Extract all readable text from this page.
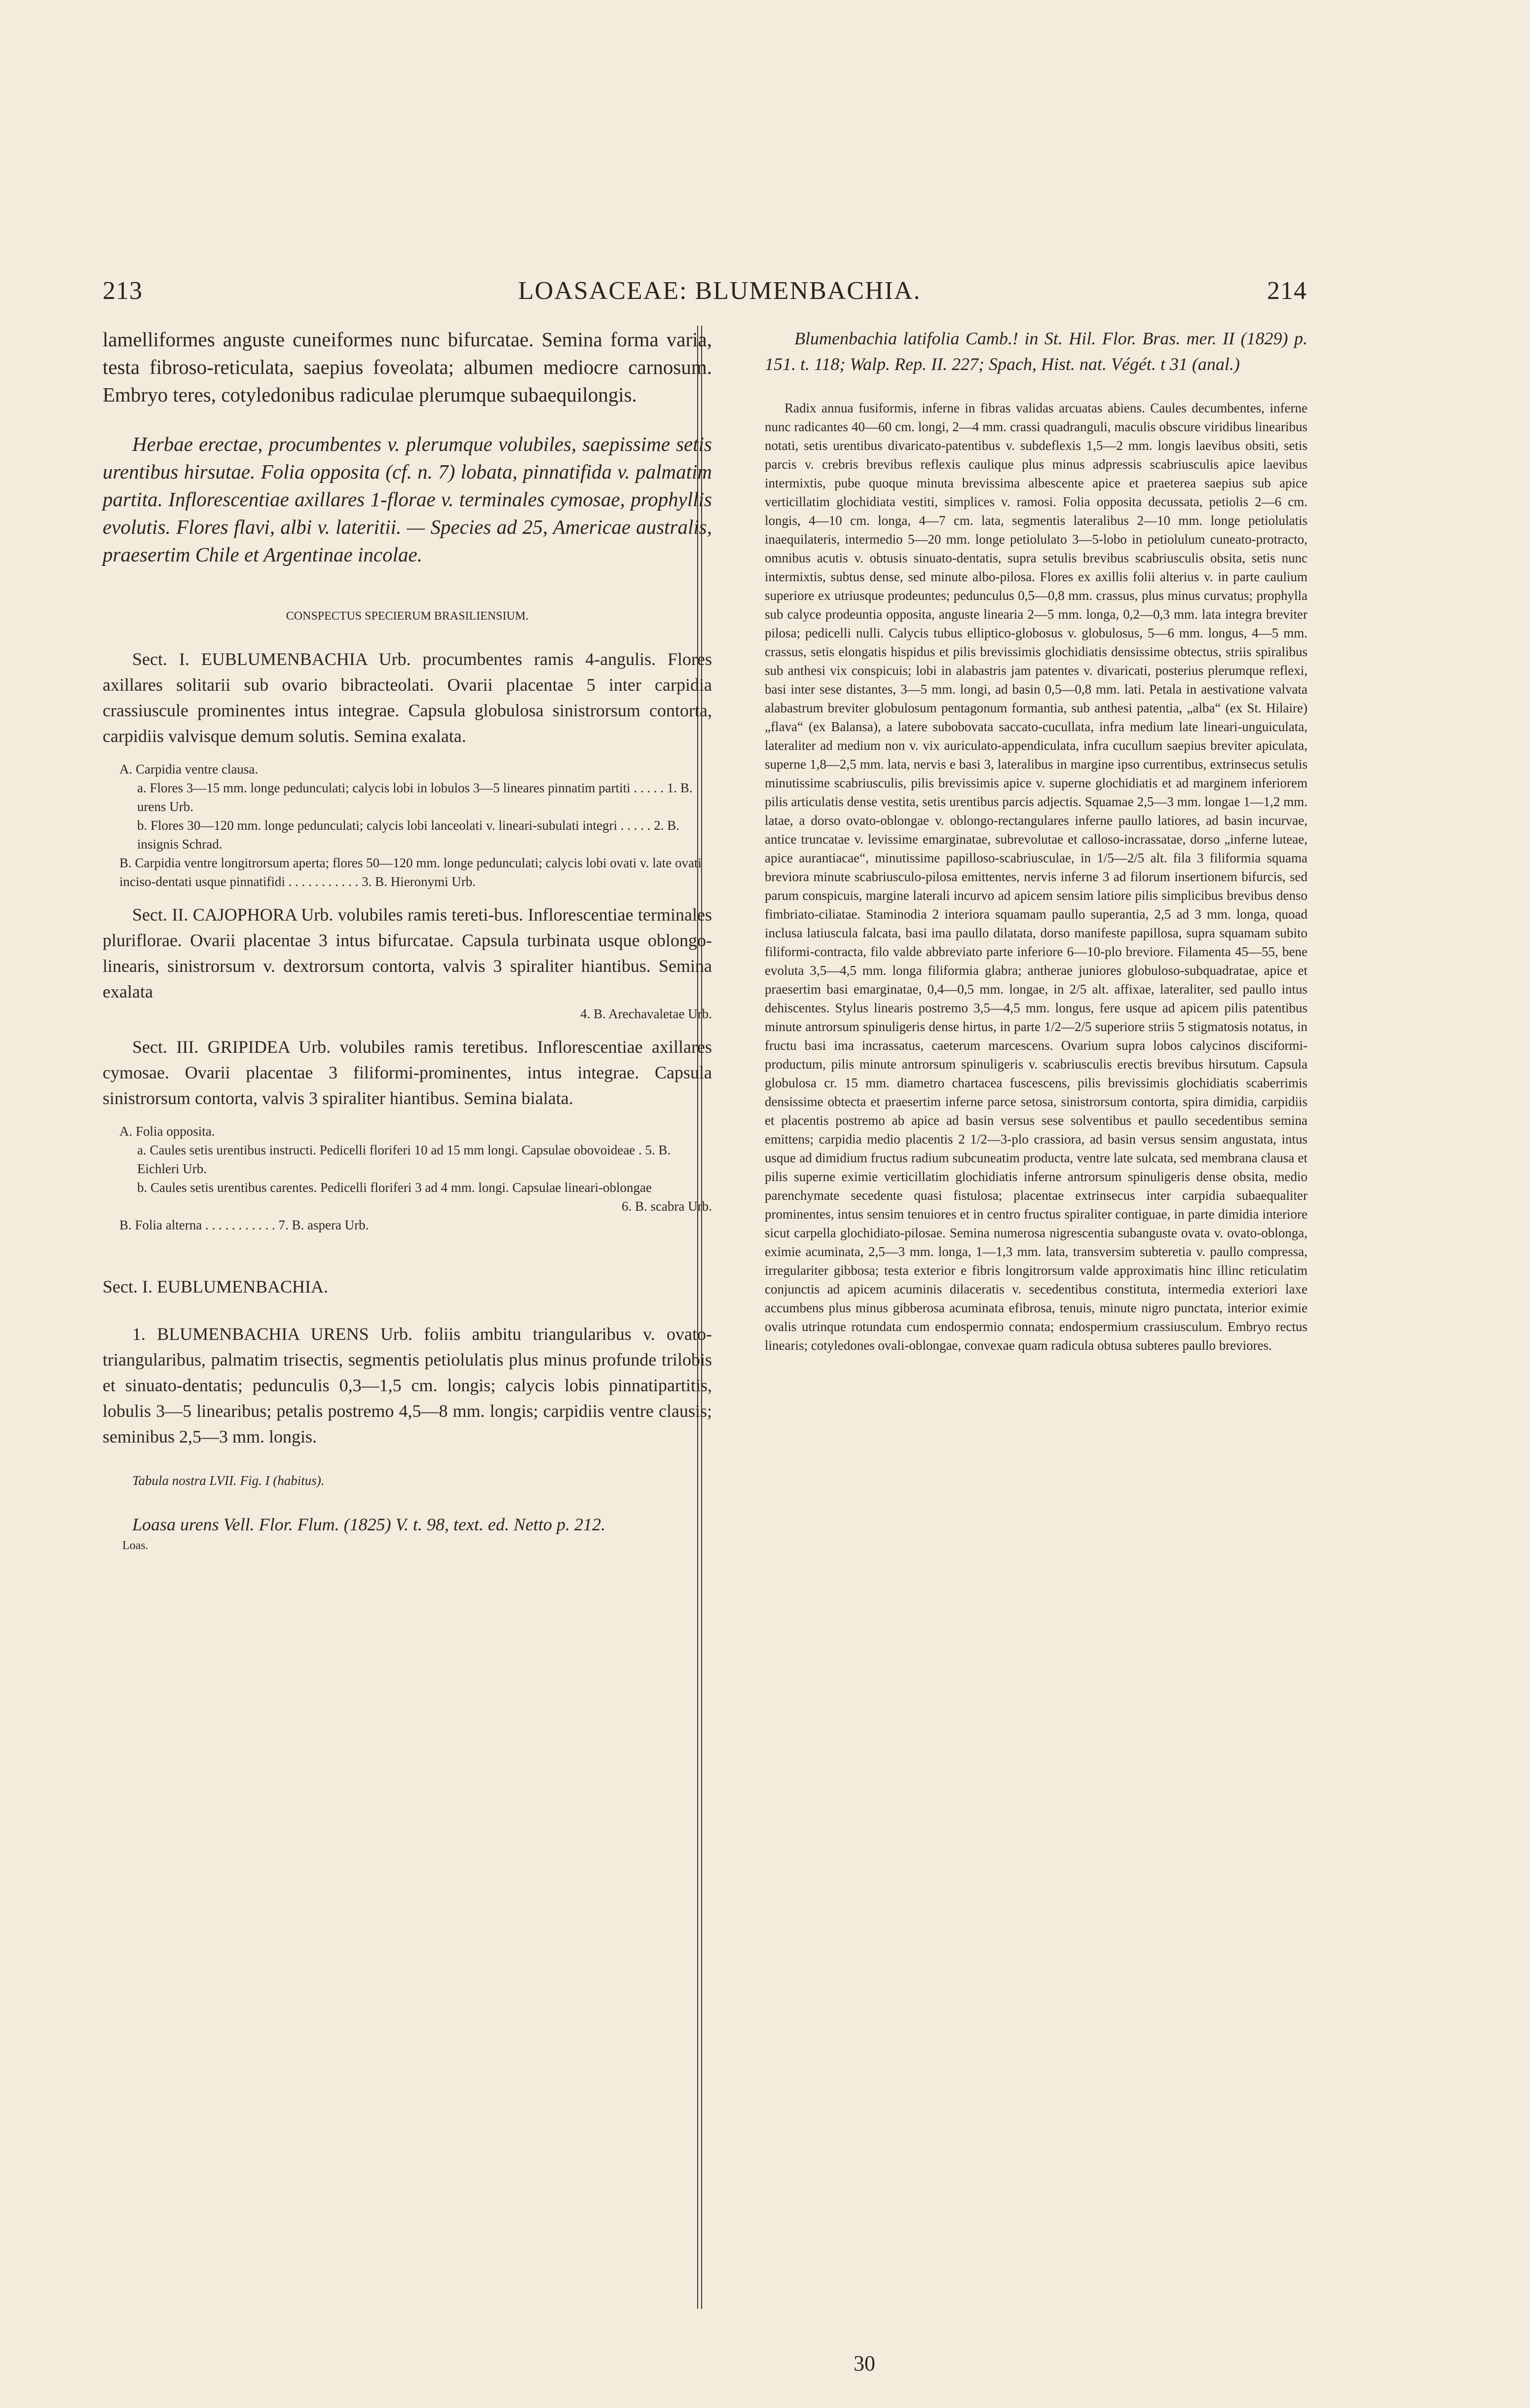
213	LOASACEAE: BLUMENBACHIA.	214

lamelliformes anguste cuneiformes nunc bifurcatae. Semina forma varia, testa fibroso-reticulata, saepius foveolata; albumen mediocre carnosum. Embryo teres, cotyledonibus radiculae plerumque subaequilongis.

Herbae erectae, procumbentes v. plerumque volubiles, saepissime setis urentibus hirsutae. Folia opposita (cf. n. 7) lobata, pinnatifida v. palmatim partita. Inflorescentiae axillares 1-florae v. terminales cymosae, prophyllis evolutis. Flores flavi, albi v. lateritii. — Species ad 25, Americae australis, praesertim Chile et Argentinae incolae.

CONSPECTUS SPECIERUM BRASILIENSIUM.

Sect. I. EUBLUMENBACHIA Urb. procumbentes ramis 4-angulis. Flores axillares solitarii sub ovario bibracteolati. Ovarii placentae 5 inter carpidia crassiuscule prominentes intus integrae. Capsula globulosa sinistrorsum contorta, carpidiis valvisque demum solutis. Semina exalata.

A. Carpidia ventre clausa.

a. Flores 3—15 mm. longe pedunculati; calycis lobi in lobulos 3—5 lineares pinnatim partiti . . . . . 1. B. urens Urb.

b. Flores 30—120 mm. longe pedunculati; calycis lobi lanceolati v. lineari-subulati integri . . . . . 2. B. insignis Schrad.

B. Carpidia ventre longitrorsum aperta; flores 50—120 mm. longe pedunculati; calycis lobi ovati v. late ovati inciso-dentati usque pinnatifidi . . . . . . . . . . . 3. B. Hieronymi Urb.

Sect. II. CAJOPHORA Urb. volubiles ramis tereti-bus. Inflorescentiae terminales pluriflorae. Ovarii placentae 3 intus bifurcatae. Capsula turbinata usque oblongo-linearis, sinistrorsum v. dextrorsum contorta, valvis 3 spiraliter hiantibus. Semina exalata

4. B. Arechavaletae Urb.

Sect. III. GRIPIDEA Urb. volubiles ramis teretibus. Inflorescentiae axillares cymosae. Ovarii placentae 3 filiformi-prominentes, intus integrae. Capsula sinistrorsum contorta, valvis 3 spiraliter hiantibus. Semina bialata.

A. Folia opposita.

a. Caules setis urentibus instructi. Pedicelli floriferi 10 ad 15 mm longi. Capsulae obovoideae . 5. B. Eichleri Urb.

b. Caules setis urentibus carentes. Pedicelli floriferi 3 ad 4 mm. longi. Capsulae lineari-oblongae

6. B. scabra Urb.

B. Folia alterna . . . . . . . . . . . 7. B. aspera Urb.

Sect. I. EUBLUMENBACHIA.

1. BLUMENBACHIA URENS Urb. foliis ambitu triangularibus v. ovato-triangularibus, palmatim trisectis, segmentis petiolulatis plus minus profunde trilobis et sinuato-dentatis; pedunculis 0,3—1,5 cm. longis; calycis lobis pinnatipartitis, lobulis 3—5 linearibus; petalis postremo 4,5—8 mm. longis; carpidiis ventre clausis; seminibus 2,5—3 mm. longis.

Tabula nostra LVII. Fig. I (habitus).

Loasa urens Vell. Flor. Flum. (1825) V. t. 98, text. ed. Netto p. 212.

Loas.

Blumenbachia latifolia Camb.! in St. Hil. Flor. Bras. mer. II (1829) p. 151. t. 118; Walp. Rep. II. 227; Spach, Hist. nat. Végét. t 31 (anal.)

Radix annua fusiformis, inferne in fibras validas arcuatas abiens. Caules decumbentes, inferne nunc radicantes 40—60 cm. longi, 2—4 mm. crassi quadranguli, maculis obscure viridibus linearibus notati, setis urentibus divaricato-patentibus v. subdeflexis 1,5—2 mm. longis laevibus obsiti, setis parcis v. crebris brevibus reflexis caulique plus minus adpressis scabriusculis apice laevibus intermixtis, pube quoque minuta brevissima albescente apice et praeterea saepius sub apice verticillatim glochidiata vestiti, simplices v. ramosi. Folia opposita decussata, petiolis 2—6 cm. longis, 4—10 cm. longa, 4—7 cm. lata, segmentis lateralibus 2—10 mm. longe petiolulatis inaequilateris, intermedio 5—20 mm. longe petiolulato 3—5-lobo in petiolulum cuneato-protracto, omnibus acutis v. obtusis sinuato-dentatis, supra setulis brevibus scabriusculis obsita, setis nunc intermixtis, subtus dense, sed minute albo-pilosa. Flores ex axillis folii alterius v. in parte caulium superiore ex utriusque prodeuntes; pedunculus 0,5—0,8 mm. crassus, plus minus curvatus; prophylla sub calyce prodeuntia opposita, anguste linearia 2—5 mm. longa, 0,2—0,3 mm. lata integra breviter pilosa; pedicelli nulli. Calycis tubus elliptico-globosus v. globulosus, 5—6 mm. longus, 4—5 mm. crassus, setis elongatis hispidus et pilis brevissimis glochidiatis densissime obtectus, striis spiralibus sub anthesi vix conspicuis; lobi in alabastris jam patentes v. divaricati, posterius plerumque reflexi, basi inter sese distantes, 3—5 mm. longi, ad basin 0,5—0,8 mm. lati. Petala in aestivatione valvata alabastrum breviter globulosum pentagonum formantia, sub anthesi patentia, „alba“ (ex St. Hilaire) „flava“ (ex Balansa), a latere subobovata saccato-cucullata, infra medium late lineari-unguiculata, lateraliter ad medium non v. vix auriculato-appendiculata, infra cucullum saepius breviter apiculata, superne 1,8—2,5 mm. lata, nervis e basi 3, lateralibus in margine ipso currentibus, extrinsecus setulis minutissime scabriusculis, pilis brevissimis apice v. superne glochidiatis et ad marginem inferiorem pilis articulatis dense vestita, setis urentibus parcis adjectis. Squamae 2,5—3 mm. longae 1—1,2 mm. latae, a dorso ovato-oblongae v. oblongo-rectangulares inferne paullo latiores, ad basin incurvae, antice truncatae v. levissime emarginatae, subrevolutae et calloso-incrassatae, dorso „inferne luteae, apice aurantiacae“, minutissime papilloso-scabriusculae, in 1/5—2/5 alt. fila 3 filiformia squama breviora minute scabriusculo-pilosa emittentes, nervis inferne 3 ad filorum insertionem bifurcis, sed parum conspicuis, margine laterali incurvo ad apicem sensim latiore pilis simplicibus brevibus denso fimbriato-ciliatae. Staminodia 2 interiora squamam paullo superantia, 2,5 ad 3 mm. longa, quoad inclusa latiuscula falcata, basi ima paullo dilatata, dorso manifeste papillosa, supra squamam subito filiformi-contracta, filo valde abbreviato parte inferiore 6—10-plo breviore. Filamenta 45—55, bene evoluta 3,5—4,5 mm. longa filiformia glabra; antherae juniores globuloso-subquadratae, apice et praesertim basi emarginatae, 0,4—0,5 mm. longae, in 2/5 alt. affixae, lateraliter, sed paullo intus dehiscentes. Stylus linearis postremo 3,5—4,5 mm. longus, fere usque ad apicem pilis patentibus minute antrorsum spinuligeris dense hirtus, in parte 1/2—2/5 superiore striis 5 stigmatosis notatus, in fructu basi ima incrassatus, caeterum marcescens. Ovarium supra lobos calycinos disciformi-productum, pilis minute antrorsum spinuligeris v. scabriusculis erectis brevibus hirsutum. Capsula globulosa cr. 15 mm. diametro chartacea fuscescens, pilis brevissimis glochidiatis scaberrimis densissime obtecta et praesertim inferne parce setosa, sinistrorsum contorta, spira dimidia, carpidiis et placentis postremo ab apice ad basin versus sese solventibus et paullo secedentibus semina emittens; carpidia medio placentis 2 1/2—3-plo crassiora, ad basin versus sensim angustata, intus usque ad dimidium fructus radium subcuneatim producta, ventre late sulcata, sed membrana clausa et pilis superne eximie verticillatim glochidiatis inferne antrorsum spinuligeris dense obsita, medio parenchymate secedente quasi fistulosa; placentae extrinsecus inter carpidia subaequaliter prominentes, intus sensim tenuiores et in centro fructus spiraliter contiguae, in parte dimidia interiore sicut carpella glochidiato-pilosae. Semina numerosa nigrescentia subanguste ovata v. ovato-oblonga, eximie acuminata, 2,5—3 mm. longa, 1—1,3 mm. lata, transversim subteretia v. paullo compressa, irregulariter gibbosa; testa exterior e fibris longitrorsum valde approximatis hinc illinc reticulatim conjunctis ad apicem acuminis dilaceratis v. secedentibus constituta, intermedia exteriori laxe accumbens plus minus gibberosa acuminata efibrosa, tenuis, minute nigro punctata, interior eximie ovalis utrinque rotundata cum endospermio connata; endospermium crassiusculum. Embryo rectus linearis; cotyledones ovali-oblongae, convexae quam radicula obtusa subteres paullo breviores.

30
